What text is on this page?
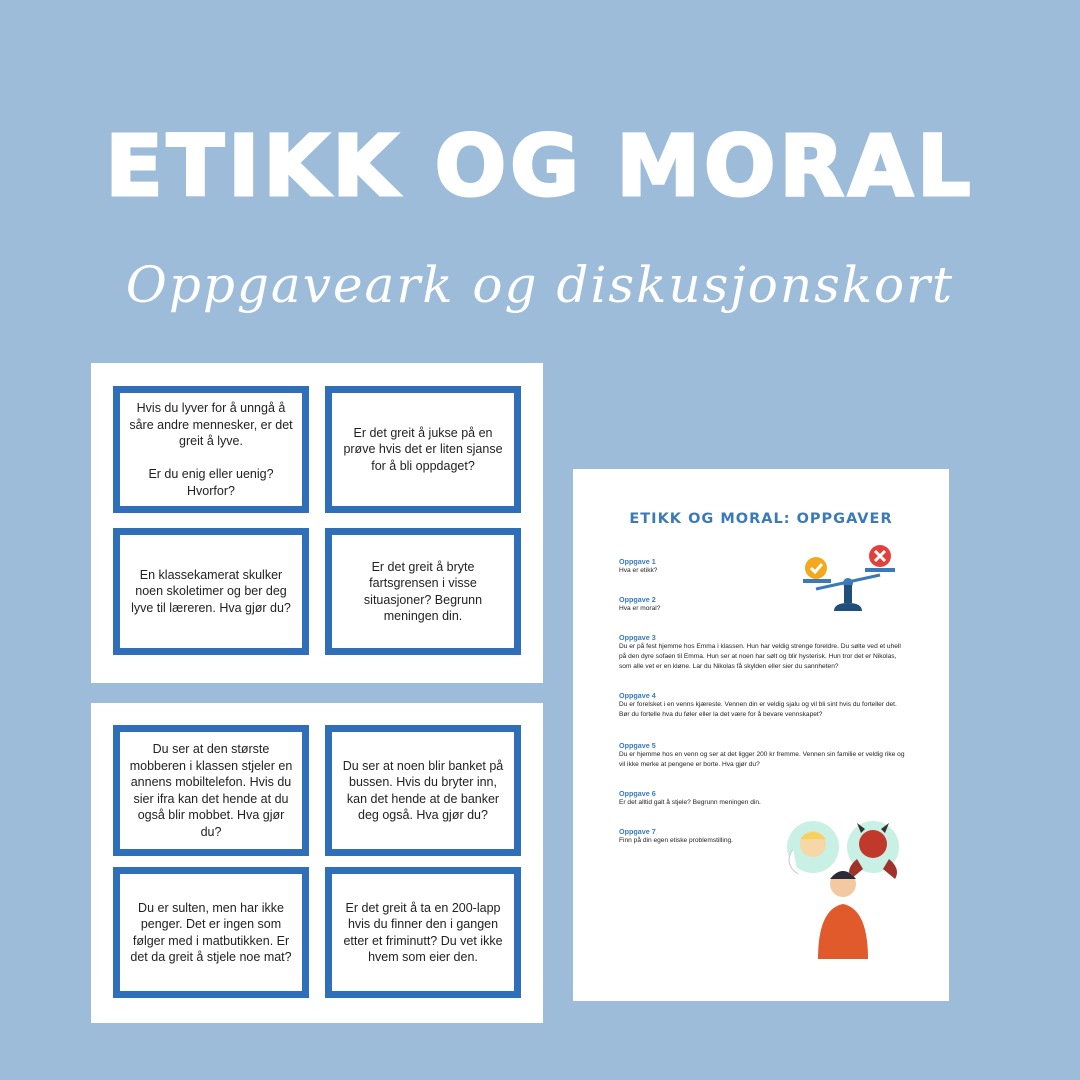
ETIKK OG MORAL
Oppgaveark og diskusjonskort
Hvis du lyver for å unngå å såre andre mennesker, er det greit å lyve.

Er du enig eller uenig? Hvorfor?
Er det greit å jukse på en prøve hvis det er liten sjanse for å bli oppdaget?
En klassekamerat skulker noen skoletimer og ber deg lyve til læreren. Hva gjør du?
Er det greit å bryte fartsgrensen i visse situasjoner? Begrunn meningen din.
Du ser at den største mobberen i klassen stjeler en annens mobiltelefon. Hvis du sier ifra kan det hende at du også blir mobbet. Hva gjør du?
Du ser at noen blir banket på bussen. Hvis du bryter inn, kan det hende at de banker deg også. Hva gjør du?
Du er sulten, men har ikke penger. Det er ingen som følger med i matbutikken. Er det da greit å stjele noe mat?
Er det greit å ta en 200-lapp hvis du finner den i gangen etter et friminutt? Du vet ikke hvem som eier den.
ETIKK OG MORAL: OPPGAVER
Oppgave 1
Hva er etikk?
Oppgave 2
Hva er moral?
Oppgave 3
Du er på fest hjemme hos Emma i klassen. Hun har veldig strenge foreldre. Du sølte ved et uhell på den dyre sofaen til Emma. Hun ser at noen har sølt og blir hysterisk. Hun tror det er Nikolas, som alle vet er en kløne. Lar du Nikolas få skylden eller sier du sannheten?
Oppgave 4
Du er forelsket i en venns kjæreste. Vennen din er veldig sjalu og vil bli sint hvis du forteller det. Bør du fortelle hva du føler eller la det være for å bevare vennskapet?
Oppgave 5
Du er hjemme hos en venn og ser at det ligger 200 kr fremme. Vennen sin familie er veldig rike og vil ikke merke at pengene er borte. Hva gjør du?
Oppgave 6
Er det alltid galt å stjele? Begrunn meningen din.
Oppgave 7
Finn på din egen etiske problemstilling.
